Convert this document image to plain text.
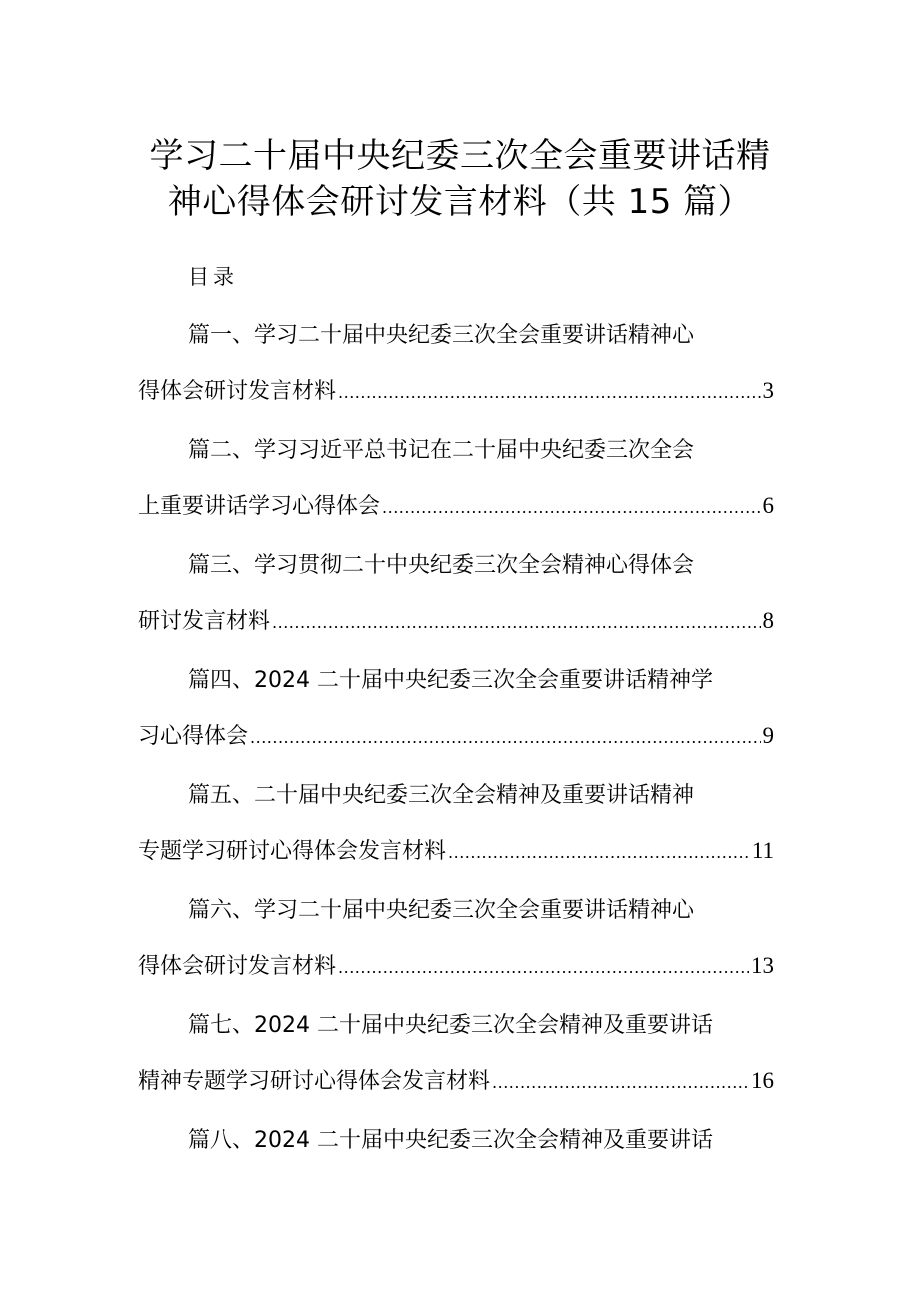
学习二十届中央纪委三次全会重要讲话精
神心得体会研讨发言材料（共 15 篇）
目录
篇一、学习二十届中央纪委三次全会重要讲话精神心
得体会研讨发言材料 .....	3
篇二、学习习近平总书记在二十届中央纪委三次全会
上重要讲话学习心得体会 .....	6
篇三、学习贯彻二十中央纪委三次全会精神心得体会
研讨发言材料 .....	8
篇四、2024 二十届中央纪委三次全会重要讲话精神学
习心得体会 .....	9
篇五、二十届中央纪委三次全会精神及重要讲话精神
专题学习研讨心得体会发言材料 .....	11
篇六、学习二十届中央纪委三次全会重要讲话精神心
得体会研讨发言材料 .....	13
篇七、2024 二十届中央纪委三次全会精神及重要讲话
精神专题学习研讨心得体会发言材料 .....	16
篇八、2024 二十届中央纪委三次全会精神及重要讲话
